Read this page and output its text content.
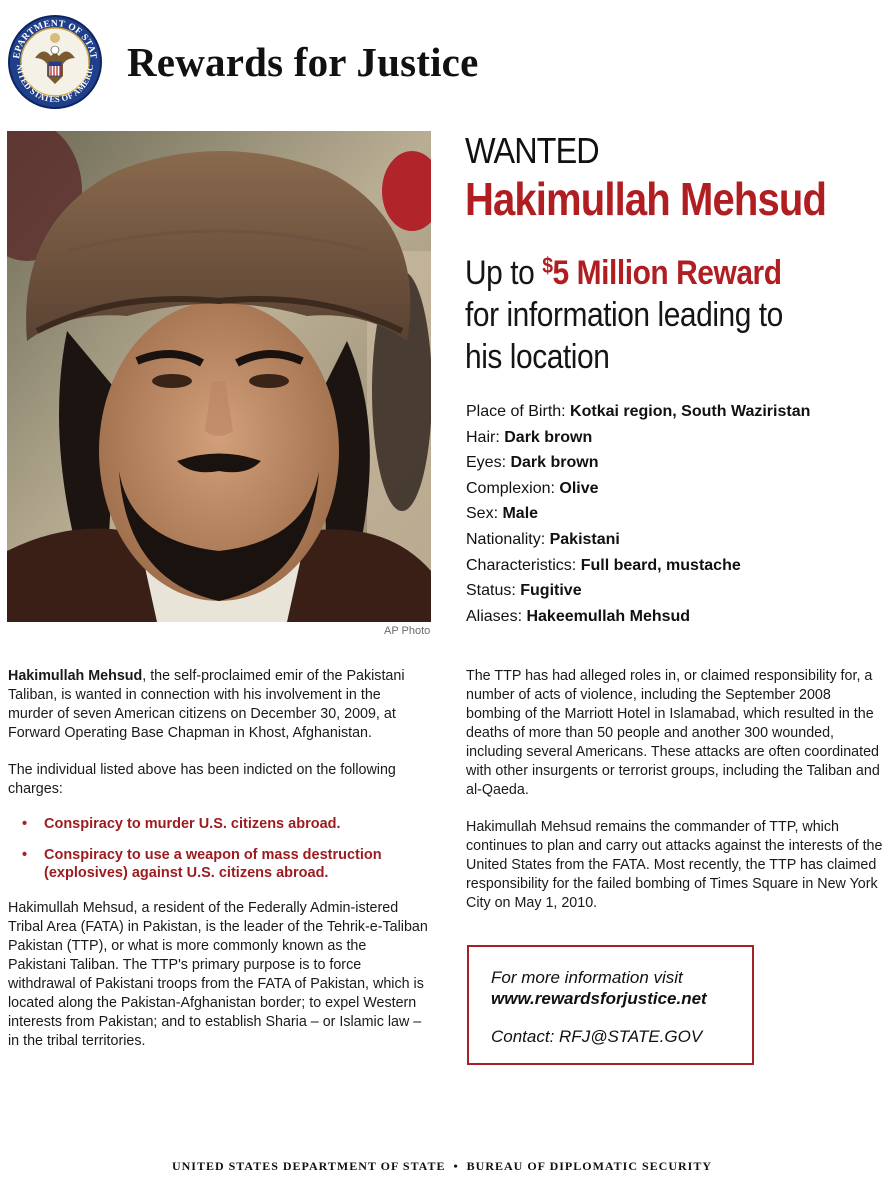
EPARTMENT OF STAT
NITED STATES OF AMERIC Rewards for Justice
AP Photo
WANTED
Hakimullah Mehsud
Up to $5 Million Reward
for information leading to
his location
Place of Birth: Kotkai region, South Waziristan
Hair: Dark brown
Eyes: Dark brown
Complexion: Olive
Sex: Male
Nationality: Pakistani
Characteristics: Full beard, mustache
Status: Fugitive
Aliases: Hakeemullah Mehsud

Hakimullah Mehsud, the self-proclaimed emir of the Pakistani Taliban, is wanted in connection with his involvement in the murder of seven American citizens on December 30, 2009, at Forward Operating Base Chapman in Khost, Afghanistan.

The individual listed above has been indicted on the following charges:

• Conspiracy to murder U.S. citizens abroad.
• Conspiracy to use a weapon of mass destruction (explosives) against U.S. citizens abroad.

Hakimullah Mehsud, a resident of the Federally Admin-istered Tribal Area (FATA) in Pakistan, is the leader of the Tehrik-e-Taliban Pakistan (TTP), or what is more commonly known as the Pakistani Taliban. The TTP's primary purpose is to force withdrawal of Pakistani troops from the FATA of Pakistan, which is located along the Pakistan-Afghanistan border; to expel Western interests from Pakistan; and to establish Sharia – or Islamic law – in the tribal territories.

The TTP has had alleged roles in, or claimed responsibility for, a number of acts of violence, including the September 2008 bombing of the Marriott Hotel in Islamabad, which resulted in the deaths of more than 50 people and another 300 wounded, including several Americans. These attacks are often coordinated with other insurgents or terrorist groups, including the Taliban and al-Qaeda.

Hakimullah Mehsud remains the commander of TTP, which continues to plan and carry out attacks against the interests of the United States from the FATA. Most recently, the TTP has claimed responsibility for the failed bombing of Times Square in New York City on May 1, 2010.

For more information visit
www.rewardsforjustice.net
Contact: RFJ@STATE.GOV
UNITED STATES DEPARTMENT OF STATE • BUREAU OF DIPLOMATIC SECURITY
